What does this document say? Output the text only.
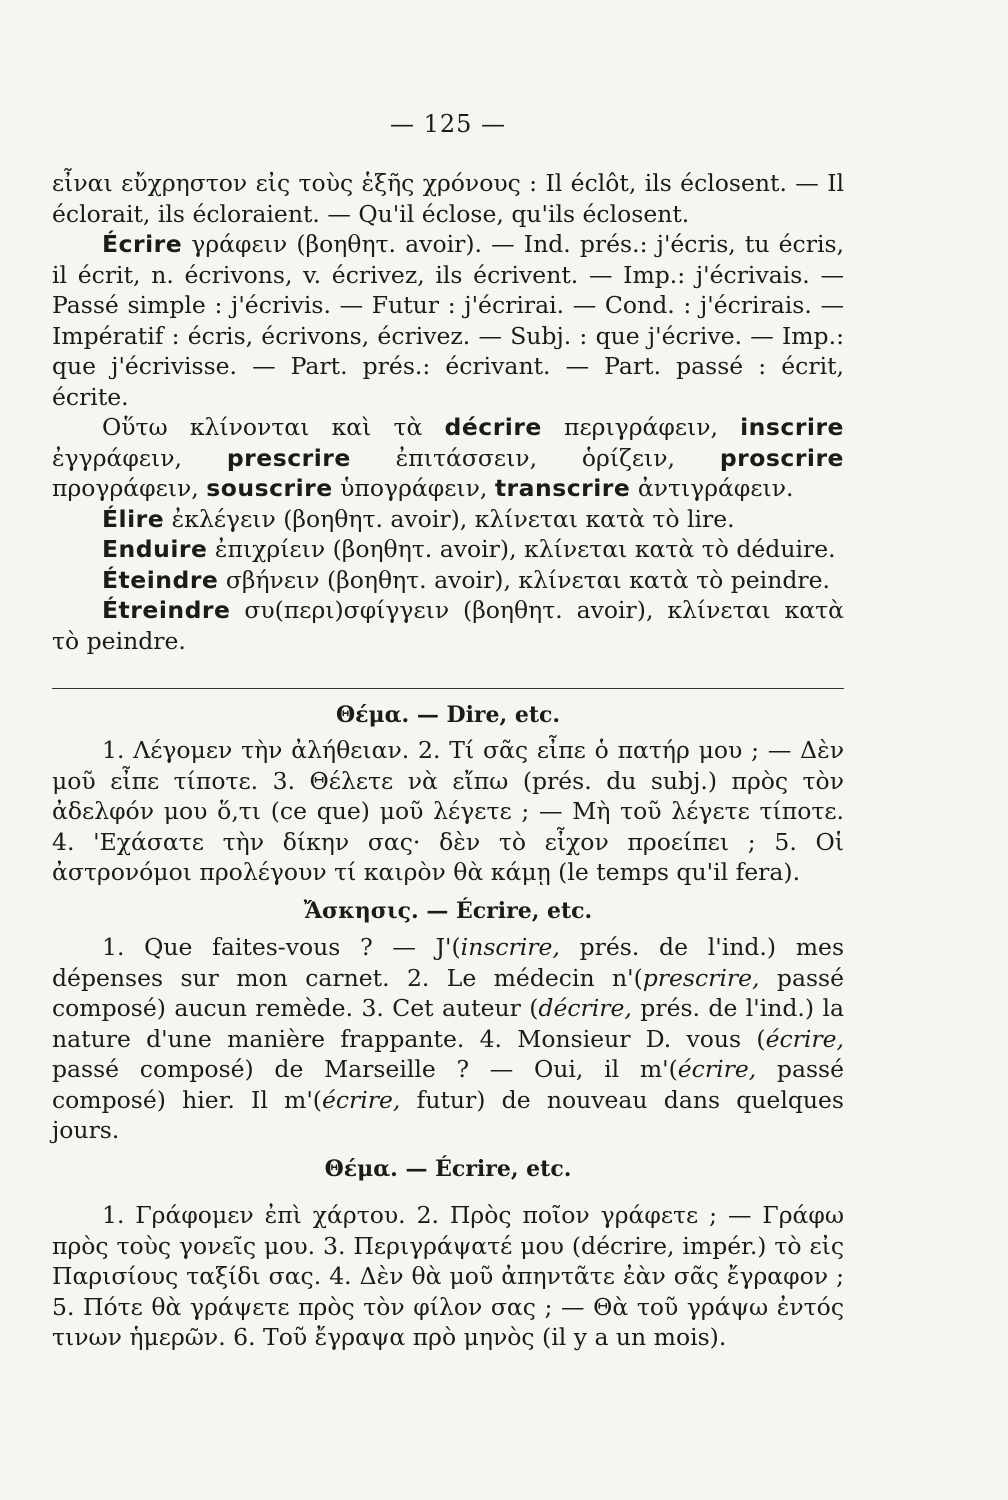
— 125 —

εἶναι εὔχρηστον εἰς τοὺς ἑξῆς χρόνους : Il éclôt, ils éclosent. — Il éclorait, ils écloraient. — Qu'il éclose, qu'ils éclosent.

Écrire γράφειν (βοηθητ. avoir). — Ind. prés.: j'écris, tu écris, il écrit, n. écrivons, v. écrivez, ils écrivent. — Imp.: j'écrivais. — Passé simple : j'écrivis. — Futur : j'écrirai. — Cond. : j'écrirais. — Impératif : écris, écrivons, écrivez. — Subj. : que j'écrive. — Imp.: que j'écrivisse. — Part. prés.: écrivant. — Part. passé : écrit, écrite.

Οὕτω κλίνονται καὶ τὰ décrire περιγράφειν, inscrire ἐγγράφειν, prescrire ἐπιτάσσειν, ὁρίζειν, proscrire προγράφειν, souscrire ὑπογράφειν, transcrire ἀντιγράφειν.

Élire ἐκλέγειν (βοηθητ. avoir), κλίνεται κατὰ τὸ lire.

Enduire ἐπιχρίειν (βοηθητ. avoir), κλίνεται κατὰ τὸ déduire.

Éteindre σβήνειν (βοηθητ. avoir), κλίνεται κατὰ τὸ peindre.

Étreindre συ(περι)σφίγγειν (βοηθητ. avoir), κλίνεται κατὰ τὸ peindre.

Θέμα. — Dire, etc.

1. Λέγομεν τὴν ἀλήθειαν. 2. Τί σᾶς εἶπε ὁ πατήρ μου ; — Δὲν μοῦ εἶπε τίποτε. 3. Θέλετε νὰ εἴπω (prés. du subj.) πρὸς τὸν ἀδελφόν μου ὅ,τι (ce que) μοῦ λέγετε ; — Μὴ τοῦ λέγετε τίποτε. 4. 'Εχάσατε τὴν δίκην σας· δὲν τὸ εἶχον προείπει ; 5. Οἱ ἀστρονόμοι προλέγουν τί καιρὸν θὰ κάμῃ (le temps qu'il fera).

Ἄσκησις. — Écrire, etc.

1. Que faites-vous ? — J'(inscrire, prés. de l'ind.) mes dépenses sur mon carnet. 2. Le médecin n'(prescrire, passé composé) aucun remède. 3. Cet auteur (décrire, prés. de l'ind.) la nature d'une manière frappante. 4. Monsieur D. vous (écrire, passé composé) de Marseille ? — Oui, il m'(écrire, passé composé) hier. Il m'(écrire, futur) de nouveau dans quelques jours.

Θέμα. — Écrire, etc.

1. Γράφομεν ἐπὶ χάρτου. 2. Πρὸς ποῖον γράφετε ; — Γράφω πρὸς τοὺς γονεῖς μου. 3. Περιγράψατέ μου (décrire, impér.) τὸ εἰς Παρισίους ταξίδι σας. 4. Δὲν θὰ μοῦ ἀπηντᾶτε ἐὰν σᾶς ἔγραφον ; 5. Πότε θὰ γράψετε πρὸς τὸν φίλον σας ; — Θὰ τοῦ γράψω ἐντός τινων ἡμερῶν. 6. Τοῦ ἔγραψα πρὸ μηνὸς (il y a un mois).
